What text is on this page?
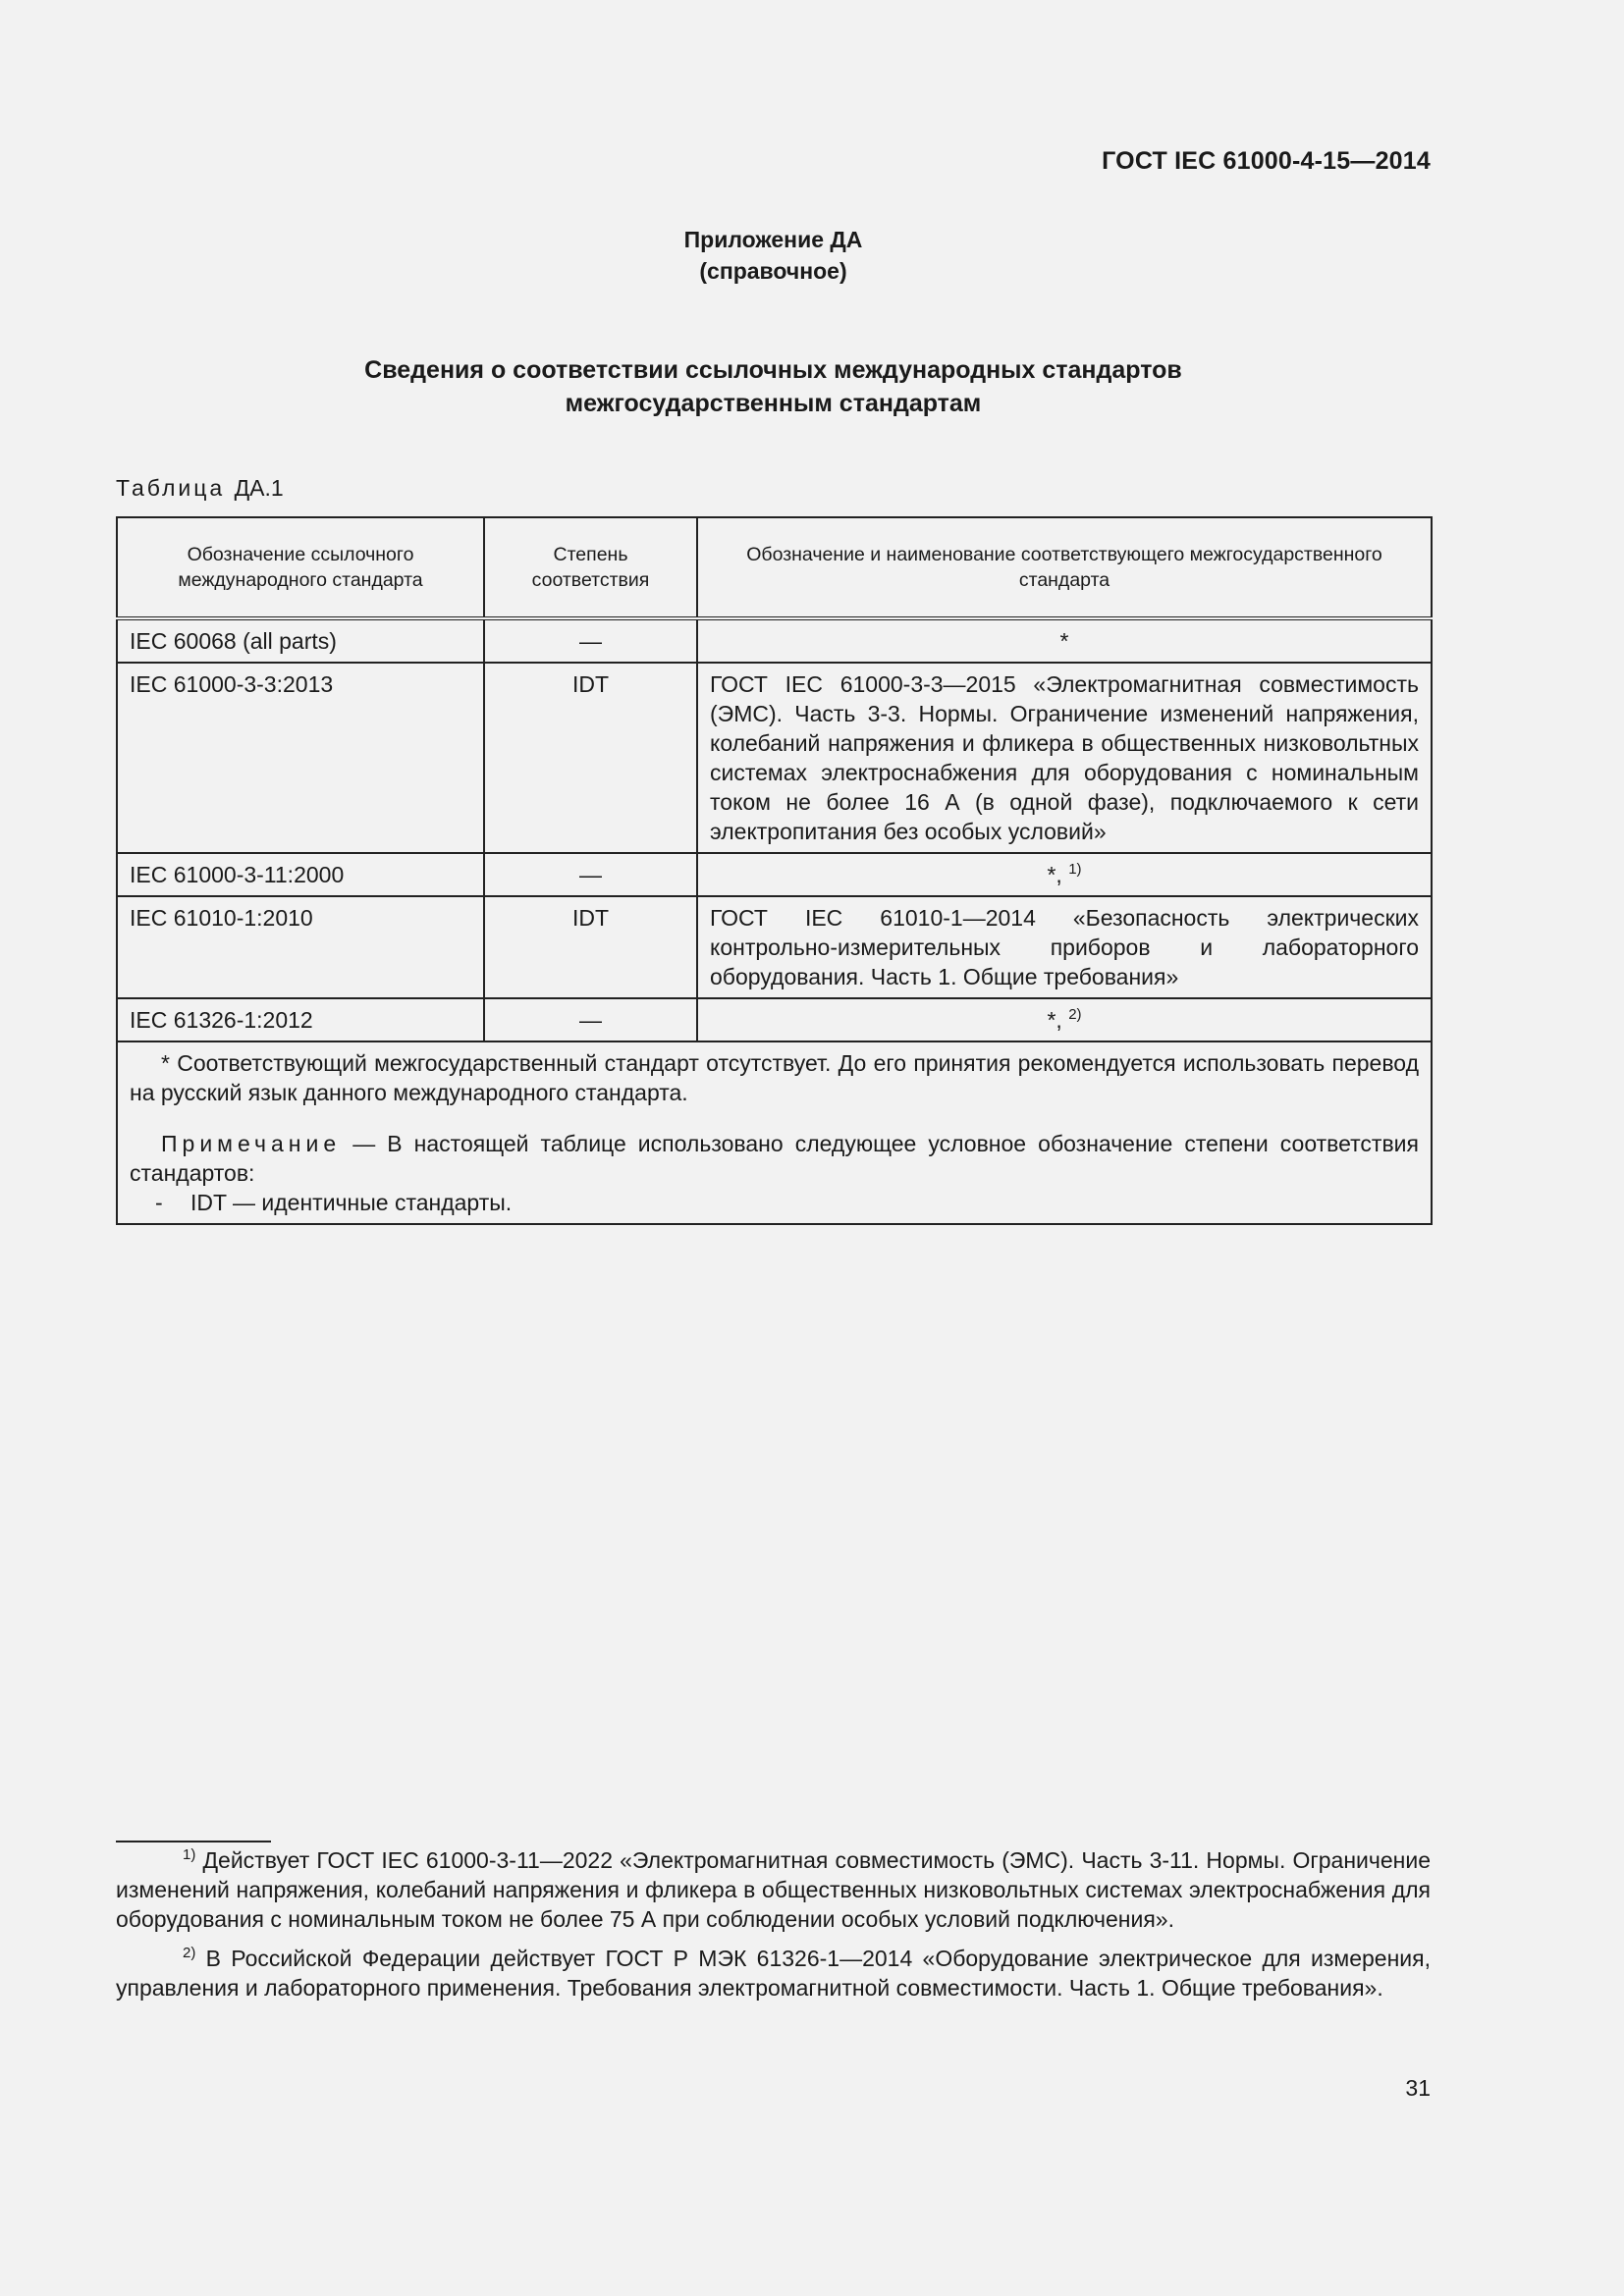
ГОСТ IEC 61000-4-15—2014
Приложение ДА
(справочное)
Сведения о соответствии ссылочных международных стандартов
межгосударственным стандартам
Таблица ДА.1
Обозначение ссылочного международного стандарта	Степень соответствия	Обозначение и наименование соответствующего межгосударственного стандарта
IEC 60068 (all parts)	—	*
IEC 61000-3-3:2013	IDT	ГОСТ IEC 61000-3-3—2015 «Электромагнитная совместимость (ЭМС). Часть 3-3. Нормы. Ограничение изменений напряжения, колебаний напряжения и фликера в общественных низковольтных системах электроснабжения для оборудования с номинальным током не более 16 А (в одной фазе), подключаемого к сети электропитания без особых условий»
IEC 61000-3-11:2000	—	*, $^{1)}$
IEC 61010-1:2010	IDT	ГОСТ IEC 61010-1—2014 «Безопасность электрических контрольно-измерительных приборов и лабораторного оборудования. Часть 1. Общие требования»
IEC 61326-1:2012	—	*, $^{2)}$

* Соответствующий межгосударственный стандарт отсутствует. До его принятия рекомендуется использовать перевод на русский язык данного международного стандарта.

Примечание — В настоящей таблице использовано следующее условное обозначение степени соответствия стандартов:

- IDT — идентичные стандарты.		

$^{1)}$ Действует ГОСТ IEC 61000-3-11—2022 «Электромагнитная совместимость (ЭМС). Часть 3-11. Нормы. Ограничение изменений напряжения, колебаний напряжения и фликера в общественных низковольтных системах электроснабжения для оборудования с номинальным током не более 75 А при соблюдении особых условий подключения».

$^{2)}$ В Российской Федерации действует ГОСТ Р МЭК 61326-1—2014 «Оборудование электрическое для измерения, управления и лабораторного применения. Требования электромагнитной совместимости. Часть 1. Общие требования».

31
